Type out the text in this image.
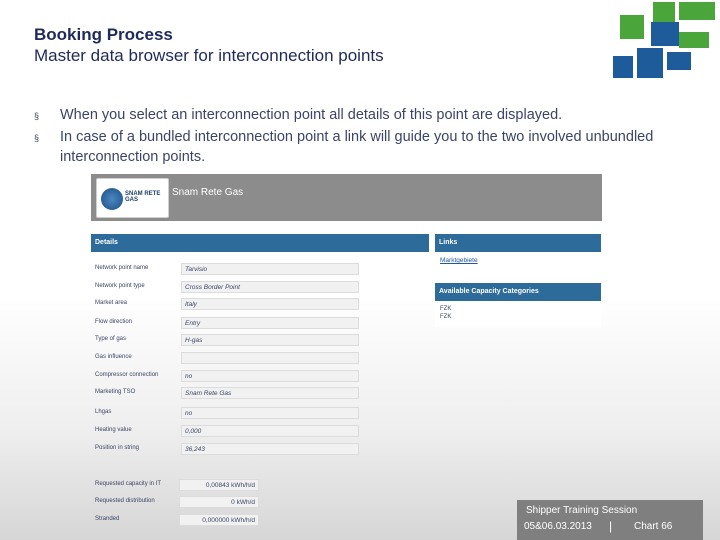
Booking Process
Master data browser for interconnection points
§	When you select an interconnection point all details of this point are displayed.
§	In case of a bundled interconnection point a link will guide you to the two involved unbundled interconnection points.
SNAM RETE GAS
Snam Rete Gas
Details	Links
Marktgebiete
Available Capacity Categories
FZK
FZK
Network point name	Tarvisio
Network point type	Cross Border Point
Market area	Italy
Flow direction	Entry
Type of gas	H-gas
Gas influence
Compressor connection	no
Marketing TSO	Snam Rete Gas
Lhgas	no
Heating value	0,000
Position in string	36,243
Requested capacity in IT	0,00843 kWh/h/d
Requested distribution	0 kWh/d
Stranded	0,000000 kWh/h/d
Shipper Training Session
05&06.03.2013 | Chart 66
